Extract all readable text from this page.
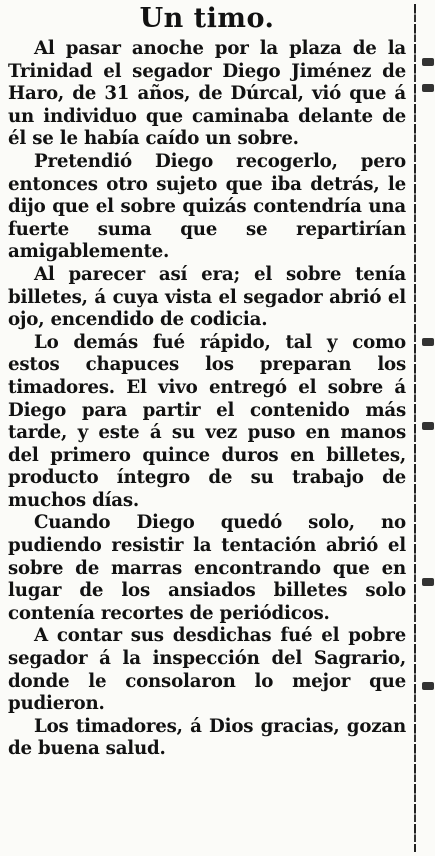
Un timo.

Al pasar anoche por la plaza de la Trinidad el segador Diego Jiménez de Haro, de 31 años, de Dúrcal, vió que á un individuo que caminaba delante de él se le había caído un sobre.

Pretendió Diego recogerlo, pero entonces otro sujeto que iba detrás, le dijo que el sobre quizás contendría una fuerte suma que se repartirían amigablemente.

Al parecer así era; el sobre tenía billetes, á cuya vista el segador abrió el ojo, encendido de codicia.

Lo demás fué rápido, tal y como estos chapuces los preparan los timadores. El vivo entregó el sobre á Diego para partir el contenido más tarde, y este á su vez puso en manos del primero quince duros en billetes, producto íntegro de su trabajo de muchos días.

Cuando Diego quedó solo, no pudiendo resistir la tentación abrió el sobre de marras encontrando que en lugar de los ansiados billetes solo contenía recortes de periódicos.

A contar sus desdichas fué el pobre segador á la inspección del Sagrario, donde le consolaron lo mejor que pudieron.

Los timadores, á Dios gracias, gozan de buena salud.
